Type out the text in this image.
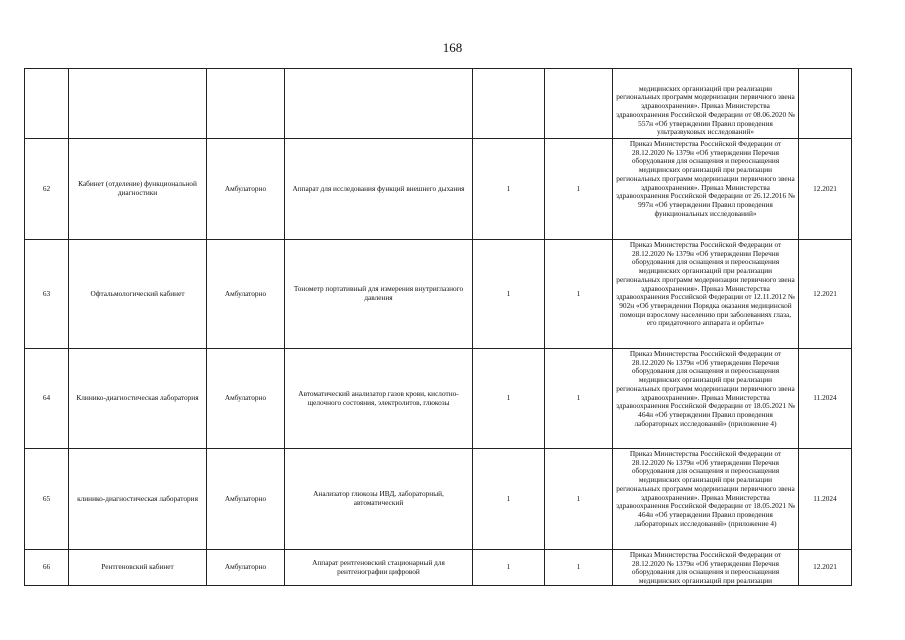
168

						медицинских организаций при реализации региональных программ модернизации первичного звена здравоохранения». Приказ Министерства здравоохранения Российской Федерации от 08.06.2020 № 557н «Об утверждении Правил проведения ультразвуковых исследований»	

62	Кабинет (отделение) функциональной диагностики	Амбулаторно	Аппарат для исследования функций внешнего дыхания	1	1	Приказ Министерства Российской Федерации от 28.12.2020 № 1379н «Об утверждении Перечня оборудования для оснащения и переоснащения медицинских организаций при реализации региональных программ модернизации первичного звена здравоохранения». Приказ Министерства здравоохранения Российской Федерации от 26.12.2016 № 997н «Об утверждении Правил проведения функциональных исследований»	12.2021
63	Офтальмологический кабинет	Амбулаторно	Тонометр портативный для измерения внутриглазного давления	1	1	Приказ Министерства Российской Федерации от 28.12.2020 № 1379н «Об утверждении Перечня оборудования для оснащения и переоснащения медицинских организаций при реализации региональных программ модернизации первичного звена здравоохранения». Приказ Министерства здравоохранения Российской Федерации от 12.11.2012 № 902н «Об утверждении Порядка оказания медицинской помощи взрослому населению при заболеваниях глаза, его придаточного аппарата и орбиты»	12.2021
64	Клинико-диагностическая лаборатория	Амбулаторно	Автоматический анализатор газов крови, кислотно-щелочного состояния, электролитов, глюкозы	1	1	Приказ Министерства Российской Федерации от 28.12.2020 № 1379н «Об утверждении Перечня оборудования для оснащения и переоснащения медицинских организаций при реализации региональных программ модернизации первичного звена здравоохранения». Приказ Министерства здравоохранения Российской Федерации от 18.05.2021 № 464н «Об утверждении Правил проведения лабораторных исследований» (приложение 4)	11.2024
65	клинико-диагностическая лаборатория	Амбулаторно	Анализатор глюкозы ИВД, лабораторный, автоматический	1	1	Приказ Министерства Российской Федерации от 28.12.2020 № 1379н «Об утверждении Перечня оборудования для оснащения и переоснащения медицинских организаций при реализации региональных программ модернизации первичного звена здравоохранения». Приказ Министерства здравоохранения Российской Федерации от 18.05.2021 № 464н «Об утверждении Правил проведения лабораторных исследований» (приложение 4)	11.2024
66	Рентгеновский кабинет	Амбулаторно	Аппарат рентгеновский стационарный для рентгенографии цифровой	1	1	Приказ Министерства Российской Федерации от 28.12.2020 № 1379н «Об утверждении Перечня оборудования для оснащения и переоснащения медицинских организаций при реализации	12.2021
